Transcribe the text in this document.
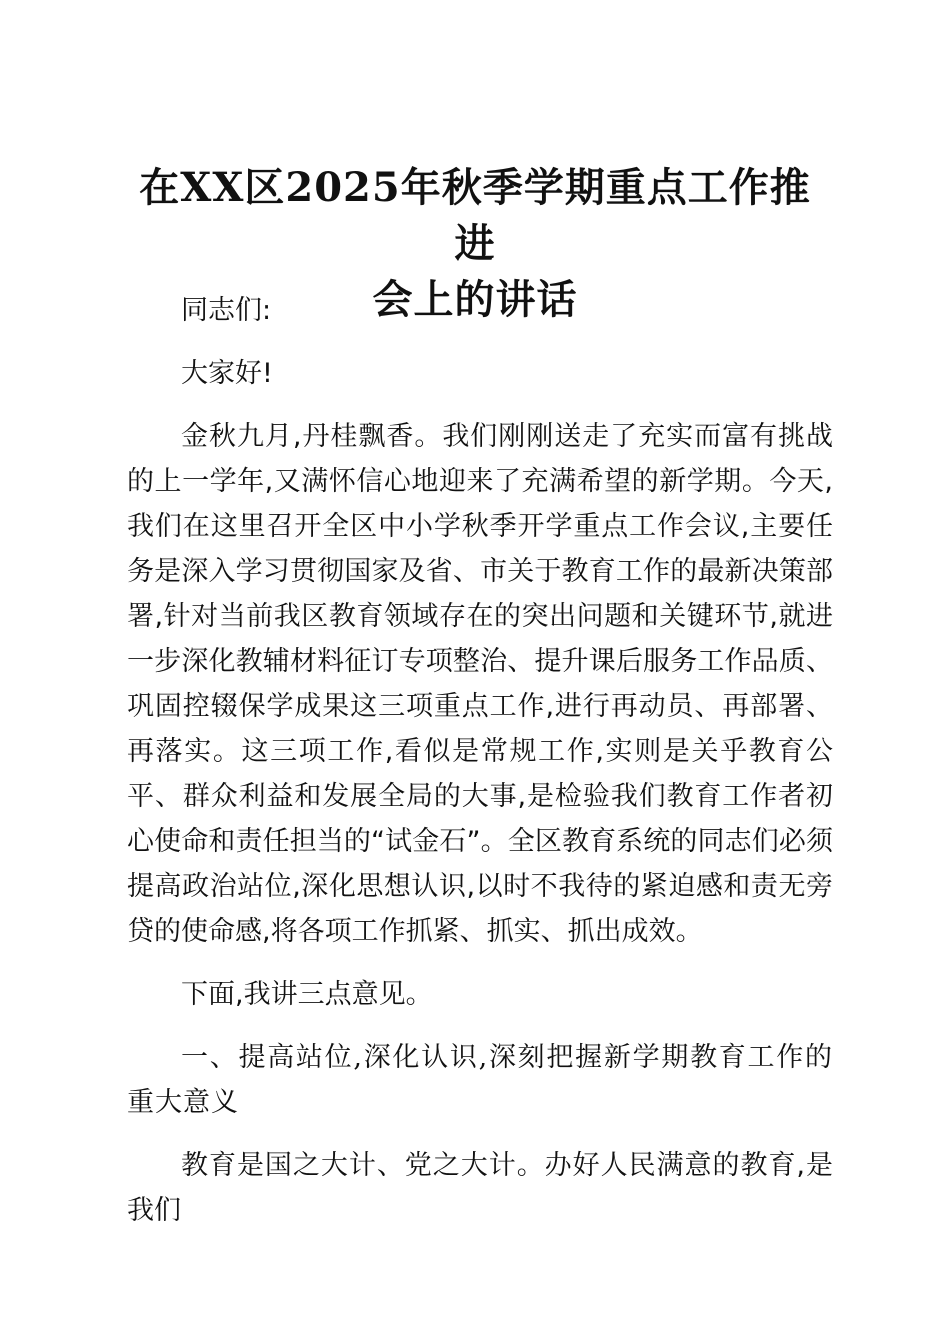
在XX区2025年秋季学期重点工作推进
会上的讲话

同志们:

大家好!

金秋九月,丹桂飘香。我们刚刚送走了充实而富有挑战的上一学年,又满怀信心地迎来了充满希望的新学期。今天,我们在这里召开全区中小学秋季开学重点工作会议,主要任务是深入学习贯彻国家及省、市关于教育工作的最新决策部署,针对当前我区教育领域存在的突出问题和关键环节,就进一步深化教辅材料征订专项整治、提升课后服务工作品质、巩固控辍保学成果这三项重点工作,进行再动员、再部署、再落实。这三项工作,看似是常规工作,实则是关乎教育公平、群众利益和发展全局的大事,是检验我们教育工作者初心使命和责任担当的“试金石”。全区教育系统的同志们必须提高政治站位,深化思想认识,以时不我待的紧迫感和责无旁贷的使命感,将各项工作抓紧、抓实、抓出成效。

下面,我讲三点意见。

一、提高站位,深化认识,深刻把握新学期教育工作的重大意义

教育是国之大计、党之大计。办好人民满意的教育,是我们
